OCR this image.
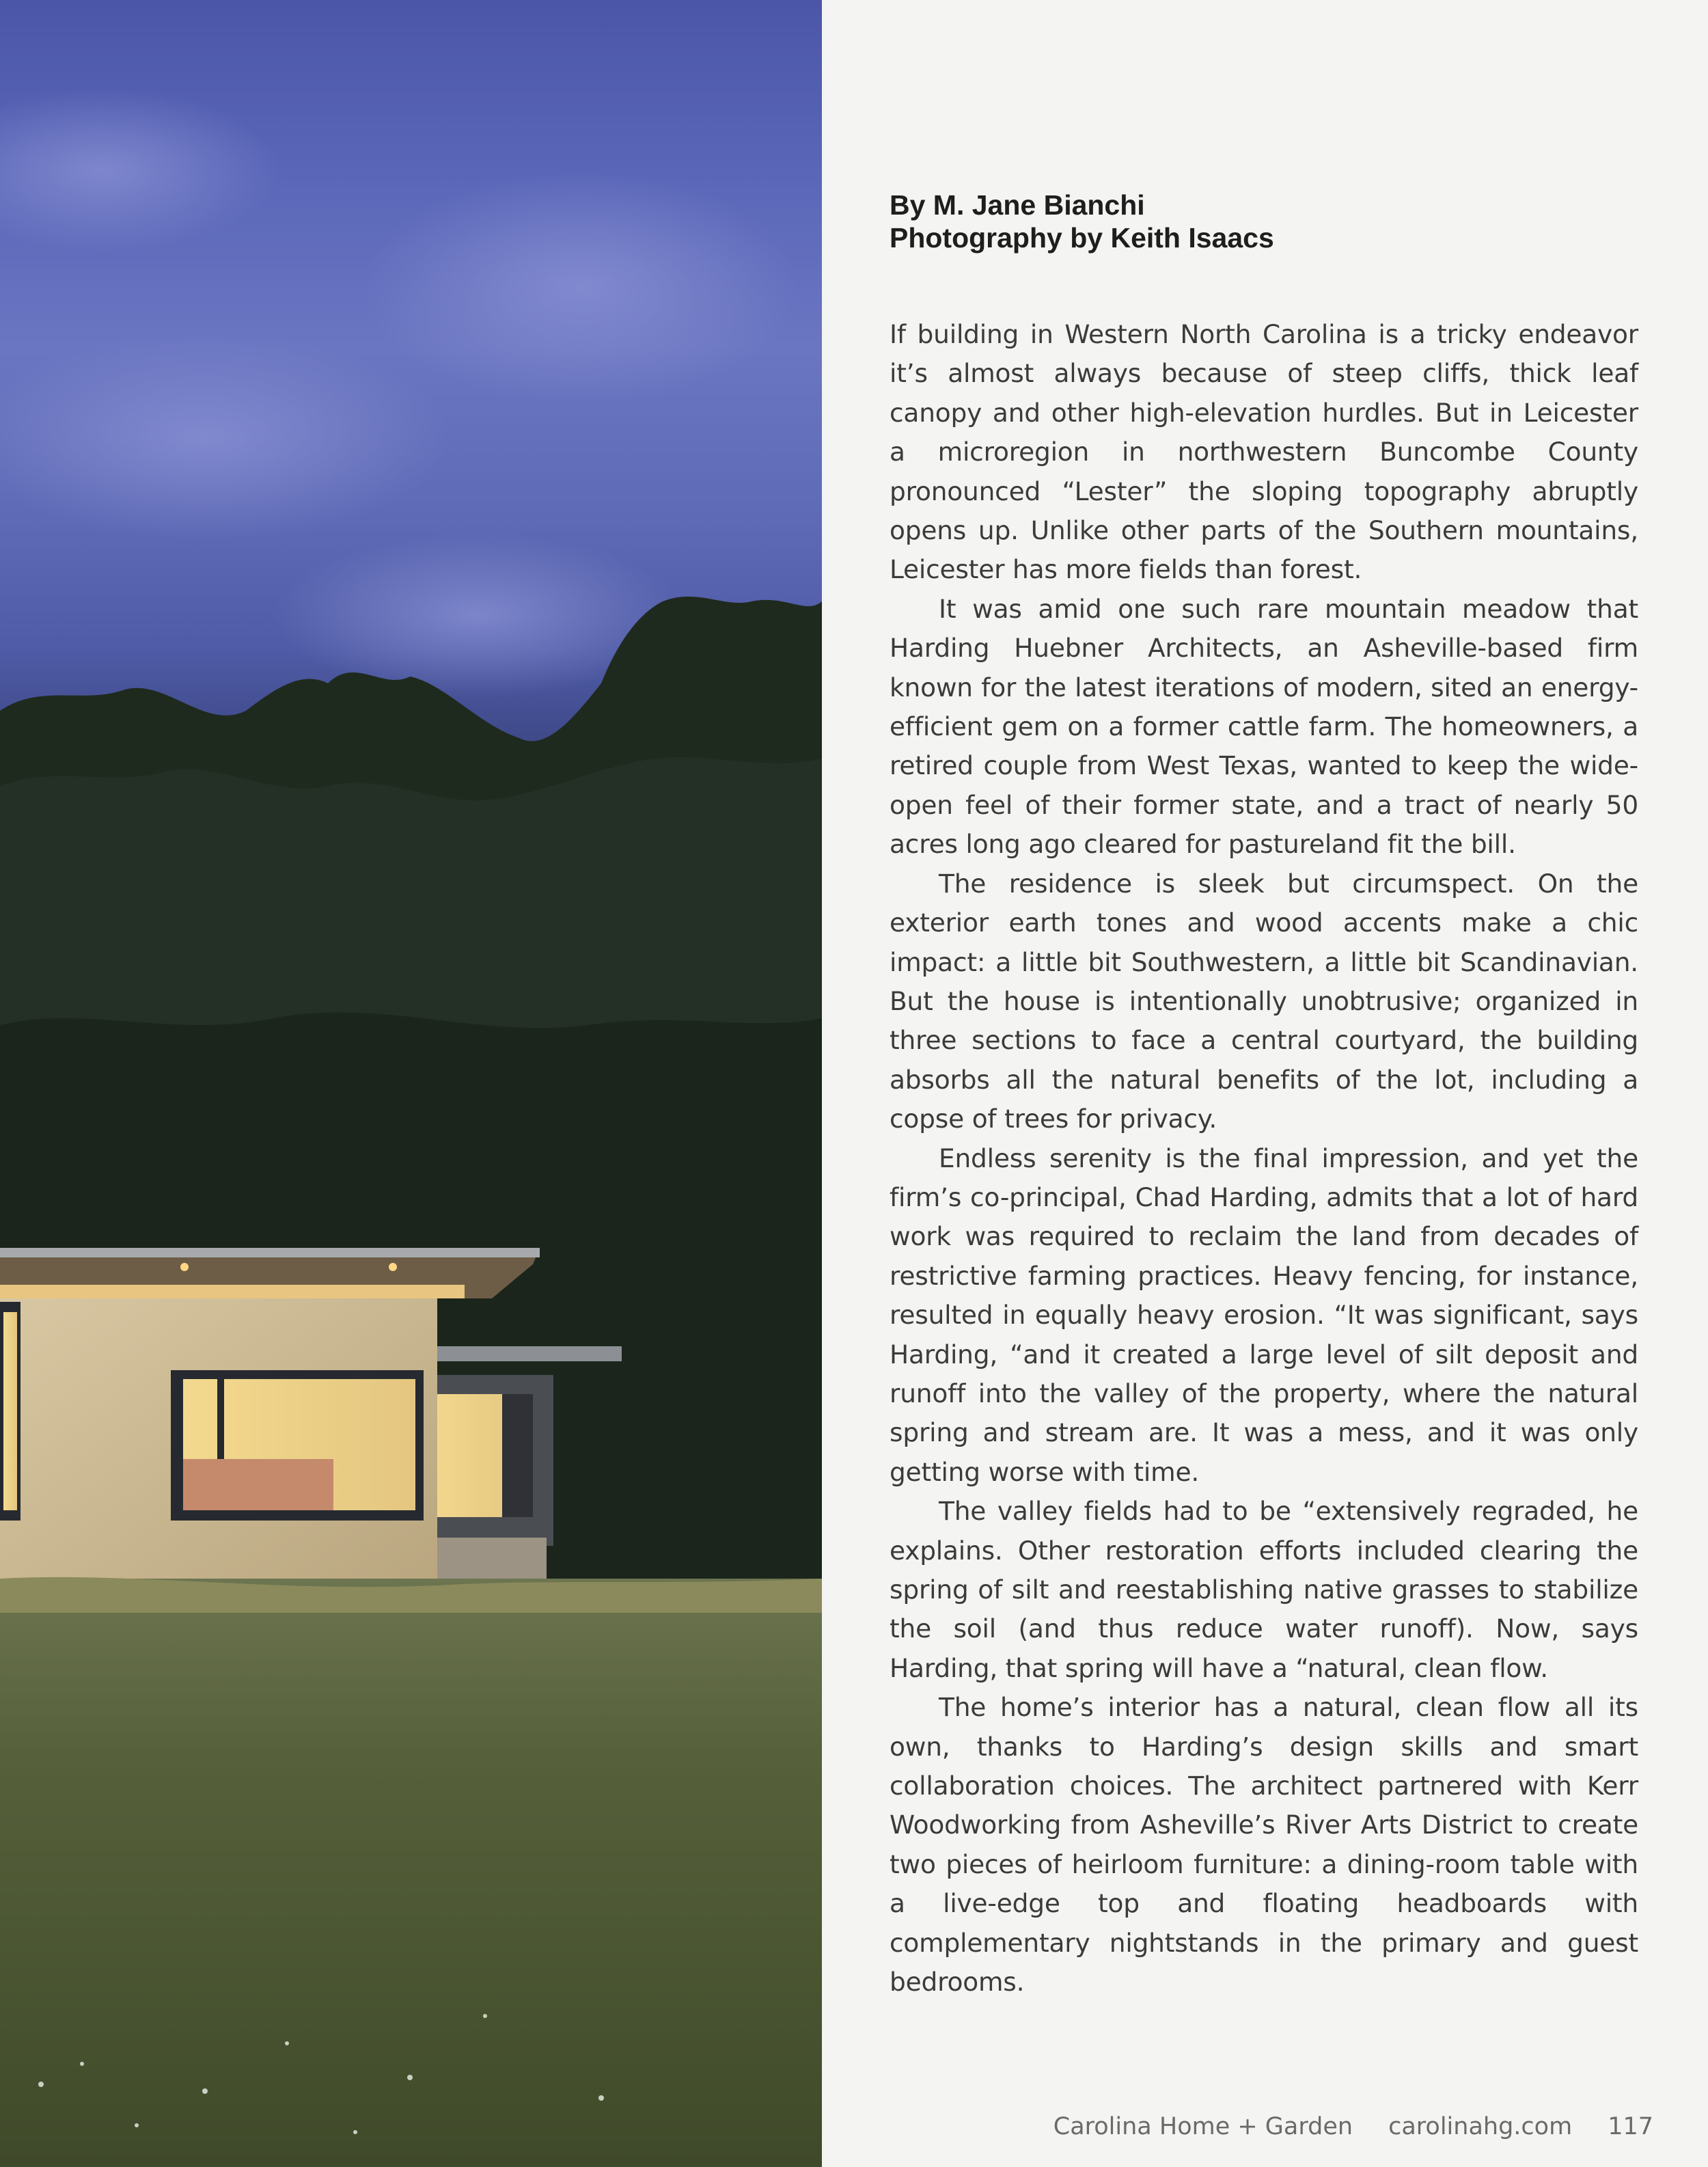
By M. Jane Bianchi
Photography by Keith Isaacs

If building in Western North Carolina is a tricky endeavor it’s almost always because of steep cliffs, thick leaf canopy and other high-elevation hurdles. But in Leicester a microregion in northwestern Buncombe County pronounced “Lester” the sloping topography abruptly opens up. Unlike other parts of the Southern mountains, Leicester has more fields than forest.

It was amid one such rare mountain meadow that Harding Huebner Architects, an Asheville-based firm known for the latest iterations of modern, sited an energy-efficient gem on a former cattle farm. The homeowners, a retired couple from West Texas, wanted to keep the wide-open feel of their former state, and a tract of nearly 50 acres long ago cleared for pastureland fit the bill.

The residence is sleek but circumspect. On the exterior earth tones and wood accents make a chic impact: a little bit Southwestern, a little bit Scandinavian. But the house is intentionally unobtrusive; organized in three sections to face a central courtyard, the building absorbs all the natural benefits of the lot, including a copse of trees for privacy.

Endless serenity is the final impression, and yet the firm’s co-principal, Chad Harding, admits that a lot of hard work was required to reclaim the land from decades of restrictive farming practices. Heavy fencing, for instance, resulted in equally heavy erosion. “It was significant, says Harding, “and it created a large level of silt deposit and runoff into the valley of the property, where the natural spring and stream are. It was a mess, and it was only getting worse with time.

The valley fields had to be “extensively regraded, he explains. Other restoration efforts included clearing the spring of silt and reestablishing native grasses to stabilize the soil (and thus reduce water runoff). Now, says Harding, that spring will have a “natural, clean flow.

The home’s interior has a natural, clean flow all its own, thanks to Harding’s design skills and smart collaboration choices. The architect partnered with Kerr Woodworking from Asheville’s River Arts District to create two pieces of heirloom furniture: a dining-room table with a live-edge top and floating headboards with complementary nightstands in the primary and guest bedrooms.

Carolina Home + Garden carolinahg.com 117
